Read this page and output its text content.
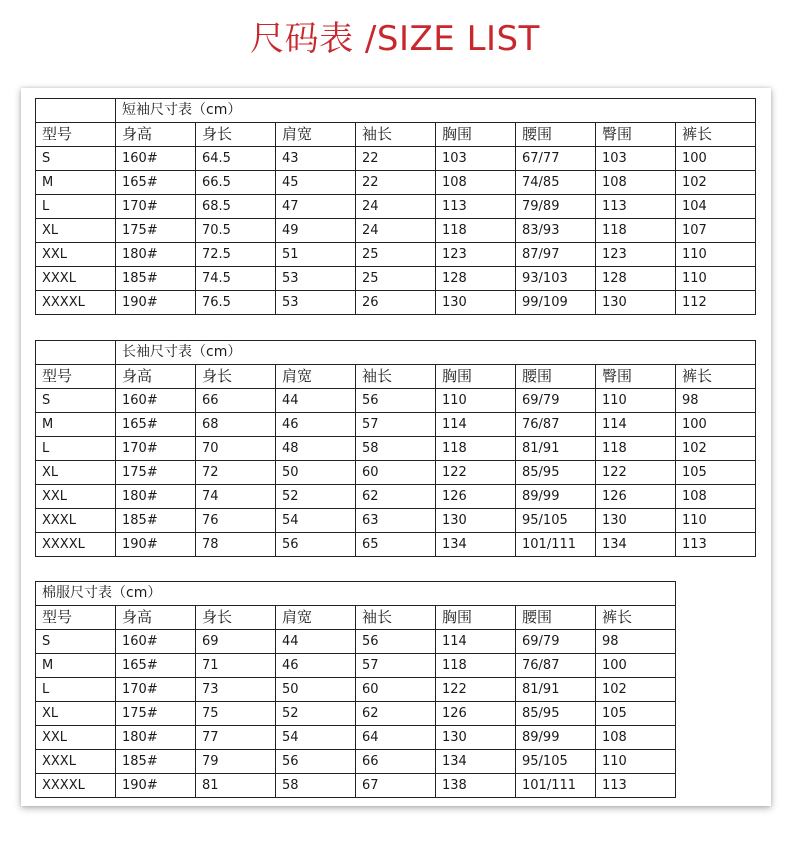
尺码表 /SIZE LIST
	短袖尺寸表（cm）							
型号	身高	身长	肩宽	袖长	胸围	腰围	臀围	裤长
S	160#	64.5	43	22	103	67/77	103	100
M	165#	66.5	45	22	108	74/85	108	102
L	170#	68.5	47	24	113	79/89	113	104
XL	175#	70.5	49	24	118	83/93	118	107
XXL	180#	72.5	51	25	123	87/97	123	110
XXXL	185#	74.5	53	25	128	93/103	128	110
XXXXL	190#	76.5	53	26	130	99/109	130	112
	长袖尺寸表（cm）							
型号	身高	身长	肩宽	袖长	胸围	腰围	臀围	裤长
S	160#	66	44	56	110	69/79	110	98
M	165#	68	46	57	114	76/87	114	100
L	170#	70	48	58	118	81/91	118	102
XL	175#	72	50	60	122	85/95	122	105
XXL	180#	74	52	62	126	89/99	126	108
XXXL	185#	76	54	63	130	95/105	130	110
XXXXL	190#	78	56	65	134	101/111	134	113
棉服尺寸表（cm）							
型号	身高	身长	肩宽	袖长	胸围	腰围	裤长
S	160#	69	44	56	114	69/79	98
M	165#	71	46	57	118	76/87	100
L	170#	73	50	60	122	81/91	102
XL	175#	75	52	62	126	85/95	105
XXL	180#	77	54	64	130	89/99	108
XXXL	185#	79	56	66	134	95/105	110
XXXXL	190#	81	58	67	138	101/111	113
